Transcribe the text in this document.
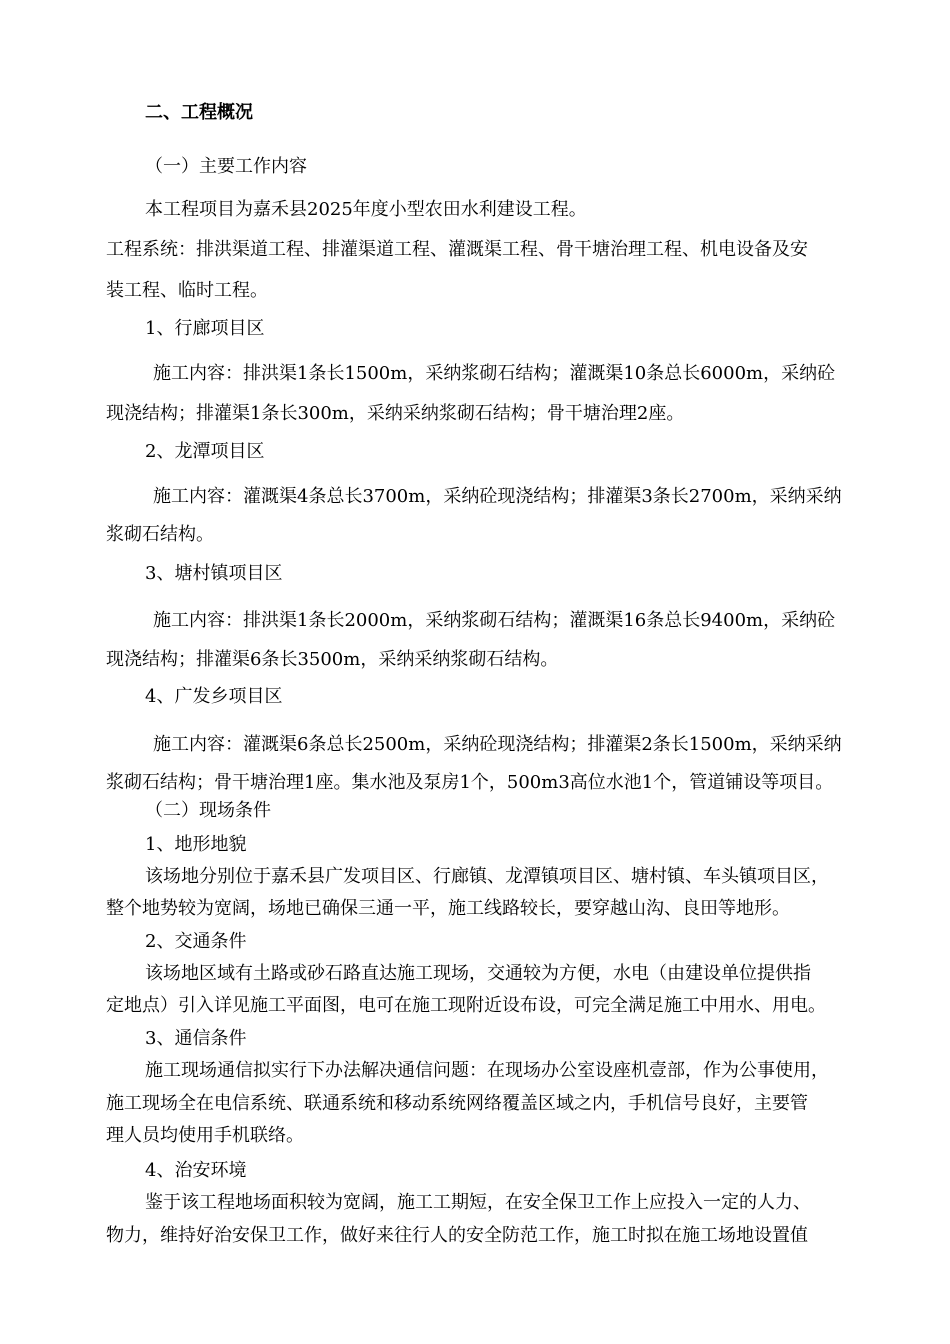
二、工程概况
（一）主要工作内容
本工程项目为嘉禾县2025年度小型农田水利建设工程。
工程系统：排洪渠道工程、排灌渠道工程、灌溉渠工程、骨干塘治理工程、机电设备及安
装工程、临时工程。
1、行廊项目区
施工内容：排洪渠1条长1500m，采纳浆砌石结构；灌溉渠10条总长6000m，采纳砼
现浇结构；排灌渠1条长300m，采纳采纳浆砌石结构；骨干塘治理2座。
2、龙潭项目区
施工内容：灌溉渠4条总长3700m，采纳砼现浇结构；排灌渠3条长2700m，采纳采纳
浆砌石结构。
3、塘村镇项目区
施工内容：排洪渠1条长2000m，采纳浆砌石结构；灌溉渠16条总长9400m，采纳砼
现浇结构；排灌渠6条长3500m，采纳采纳浆砌石结构。
4、广发乡项目区
施工内容：灌溉渠6条总长2500m，采纳砼现浇结构；排灌渠2条长1500m，采纳采纳
浆砌石结构；骨干塘治理1座。集水池及泵房1个，500m3高位水池1个，管道铺设等项目。
（二）现场条件
1、地形地貌
该场地分别位于嘉禾县广发项目区、行廊镇、龙潭镇项目区、塘村镇、车头镇项目区，
整个地势较为宽阔，场地已确保三通一平，施工线路较长，要穿越山沟、良田等地形。
2、交通条件
该场地区域有土路或砂石路直达施工现场，交通较为方便，水电（由建设单位提供指
定地点）引入详见施工平面图，电可在施工现附近设布设，可完全满足施工中用水、用电。
3、通信条件
施工现场通信拟实行下办法解决通信问题：在现场办公室设座机壹部，作为公事使用，
施工现场全在电信系统、联通系统和移动系统网络覆盖区域之内，手机信号良好，主要管
理人员均使用手机联络。
4、治安环境
鉴于该工程地场面积较为宽阔，施工工期短，在安全保卫工作上应投入一定的人力、
物力，维持好治安保卫工作，做好来往行人的安全防范工作，施工时拟在施工场地设置值
